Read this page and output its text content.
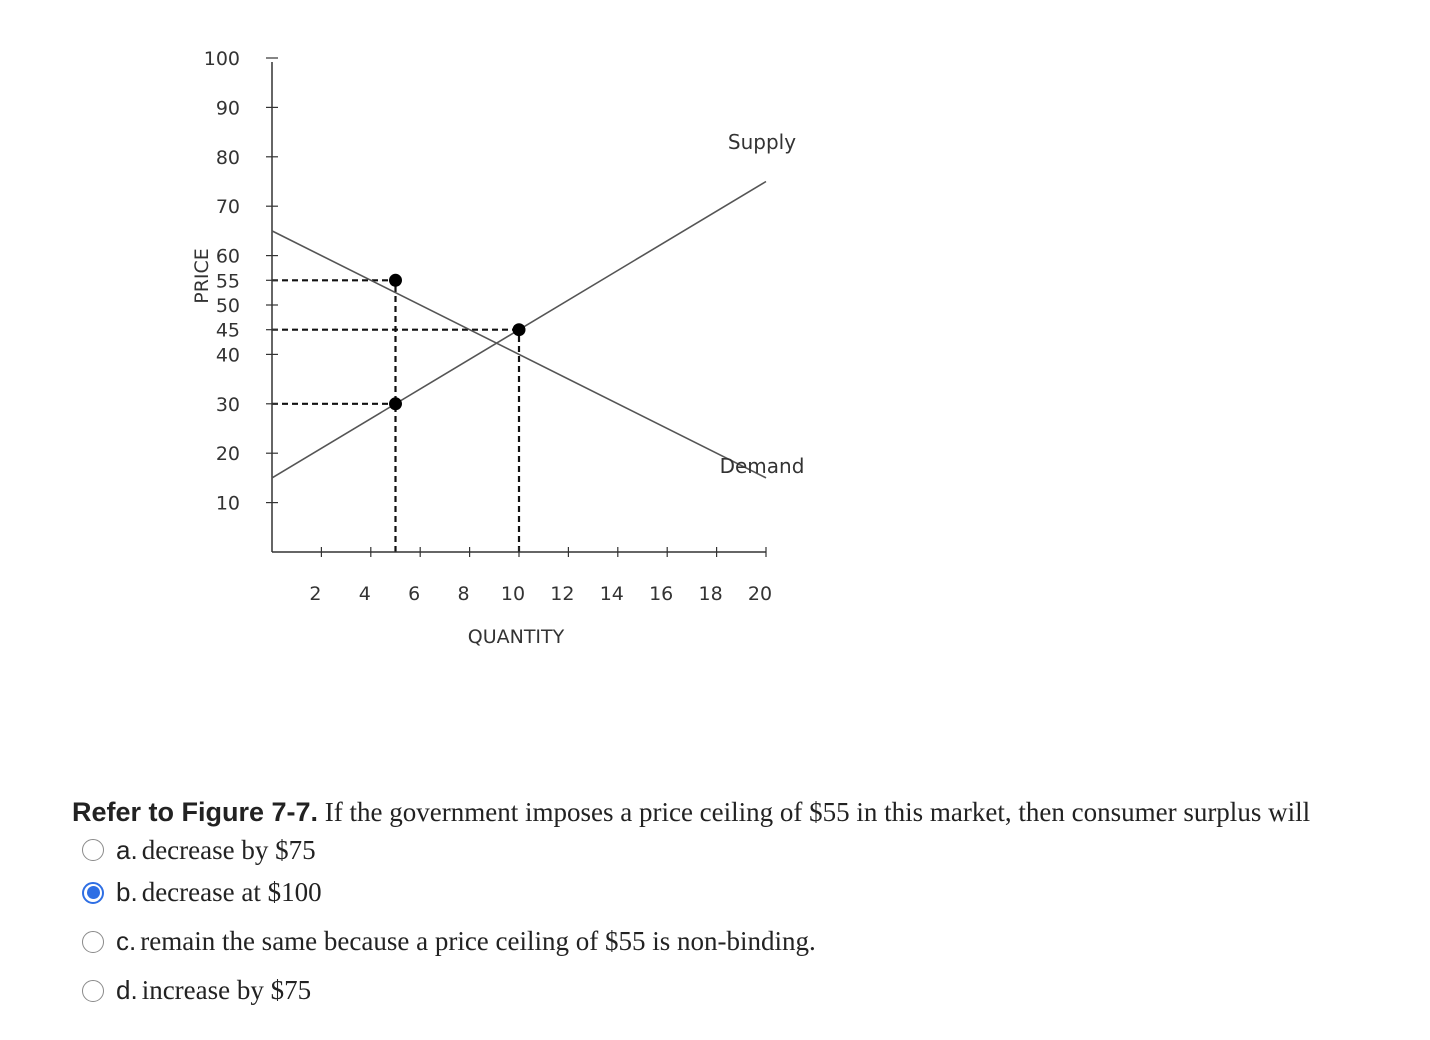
10
20
30
40
45
50
55
60
70
80
90
100
2 4 6 8 10 12 14 16 18 20
QUANTITY
PRICE
Supply
Demand
Refer to Figure 7-7. If the government imposes a price ceiling of $55 in this market, then consumer surplus will
a. decrease by $75
b. decrease at $100
c. remain the same because a price ceiling of $55 is non-binding.
d. increase by $75
